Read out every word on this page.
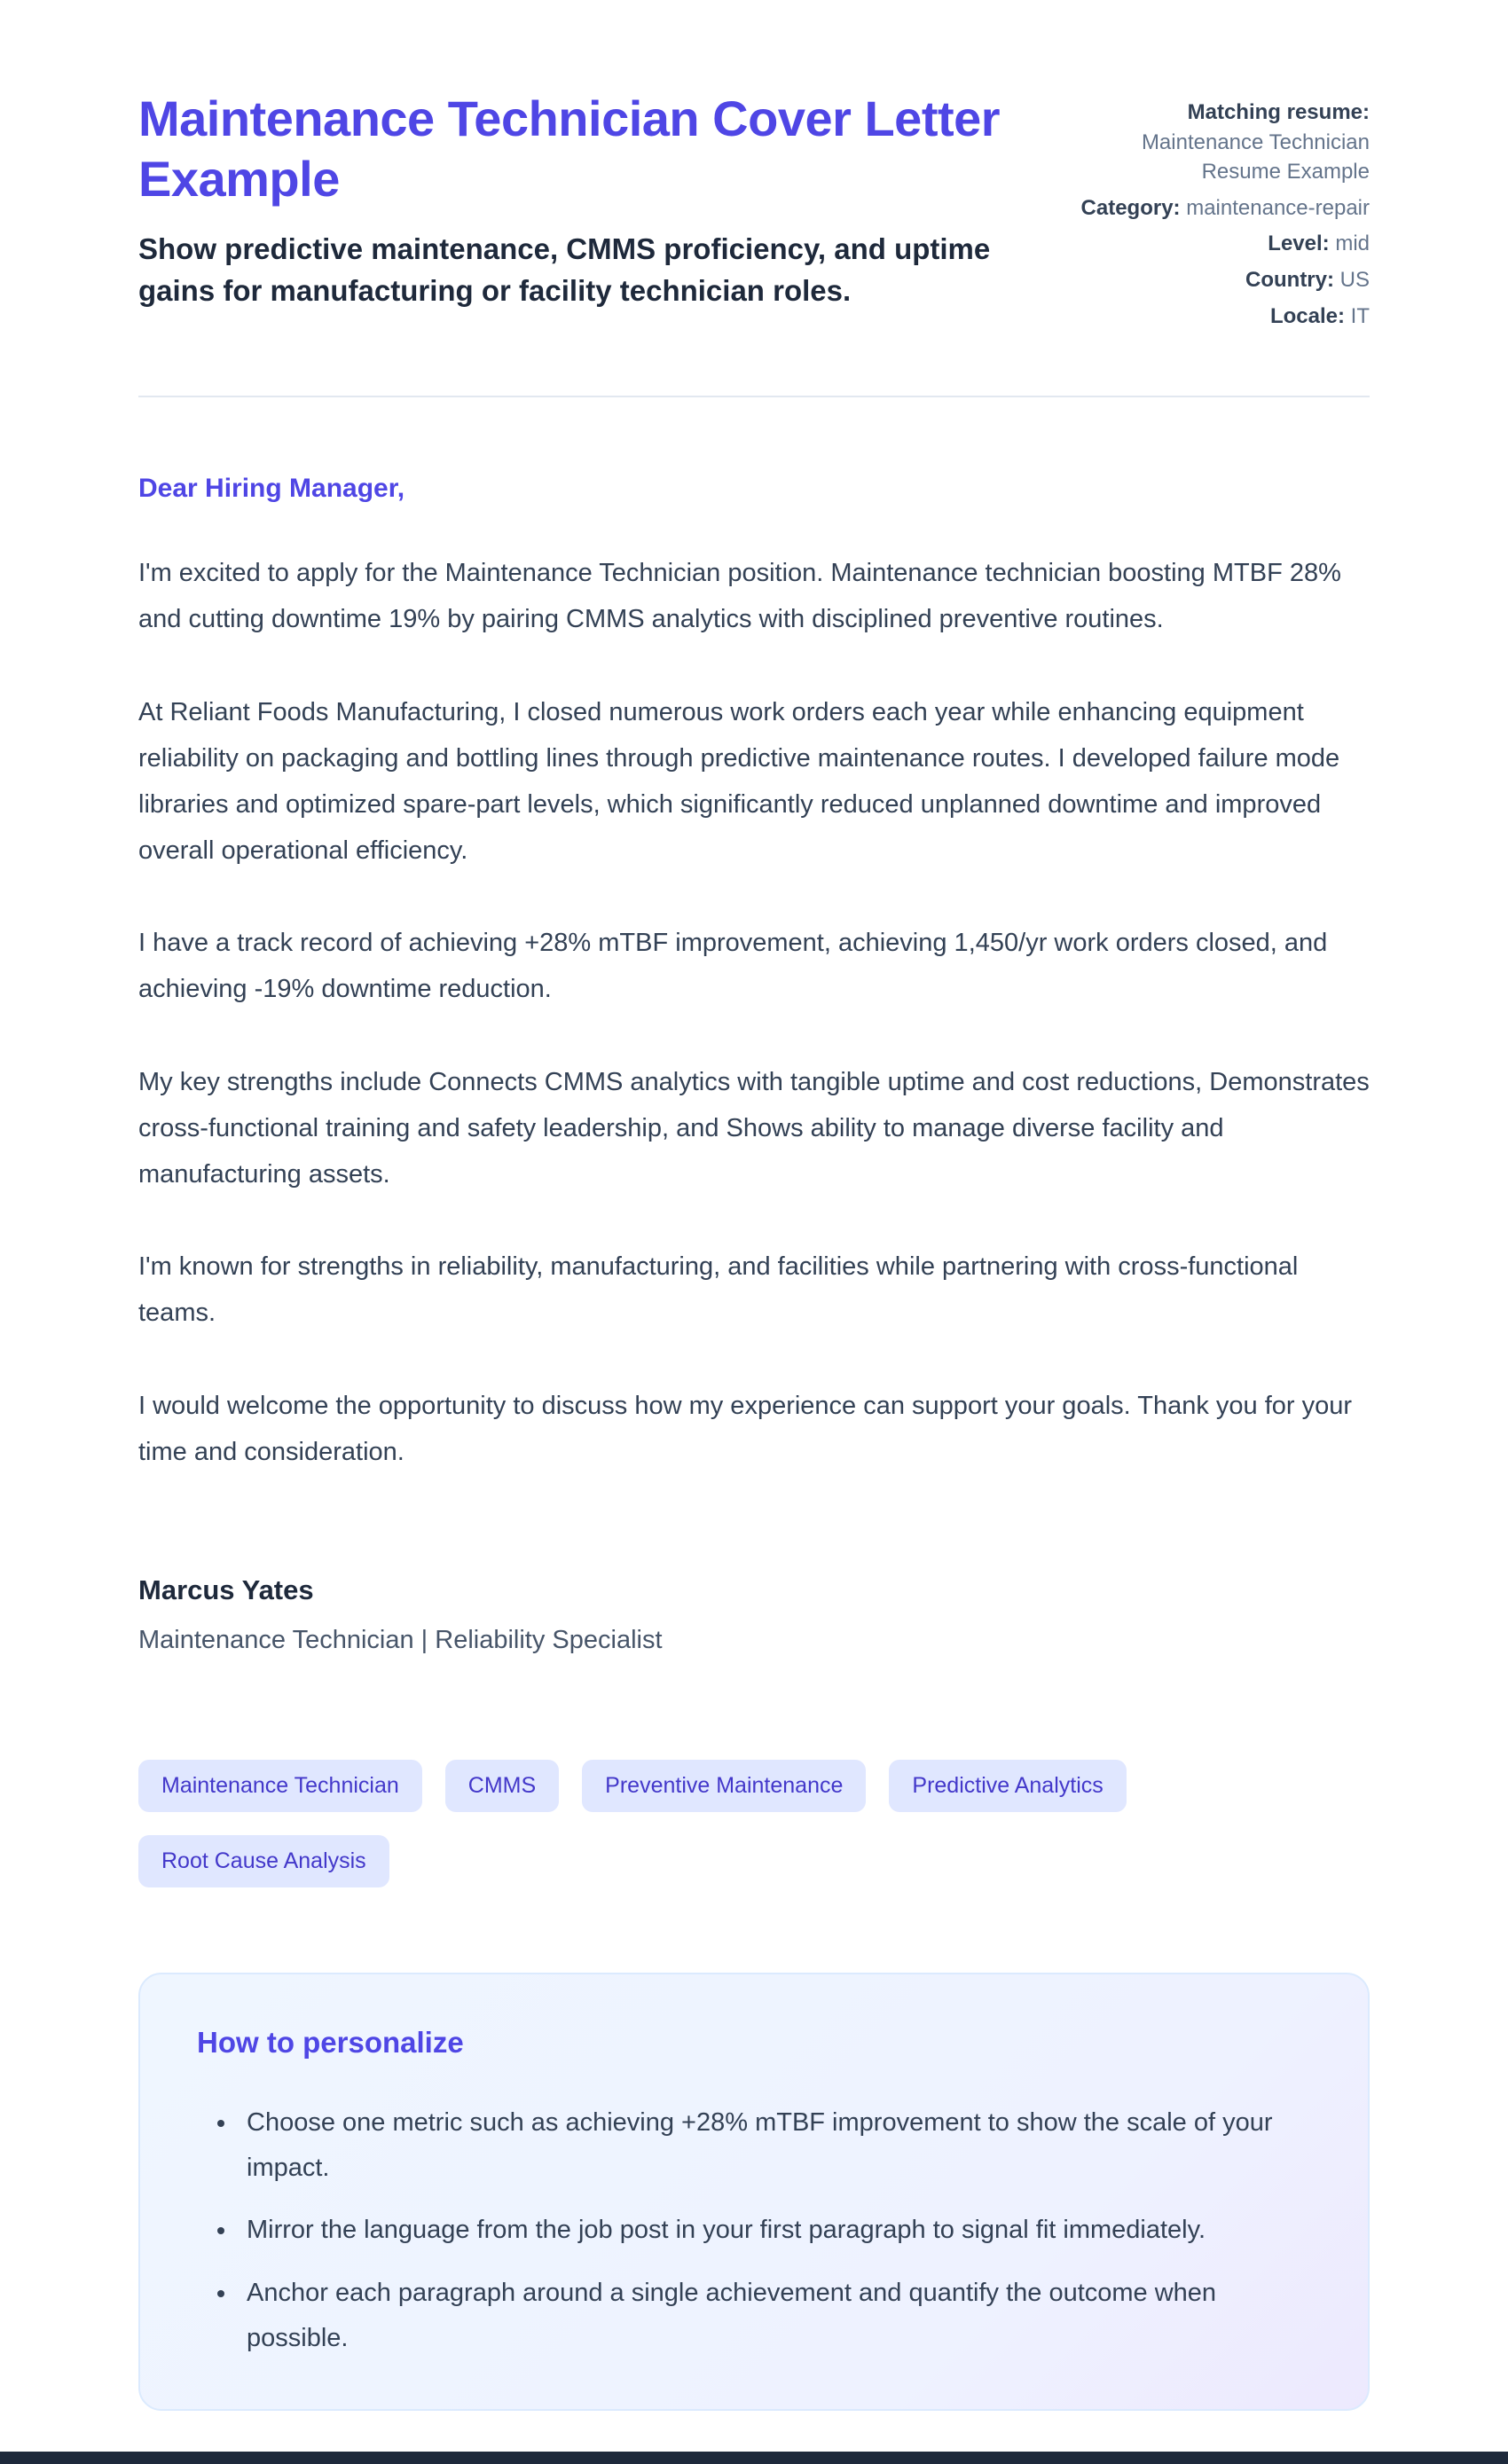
Maintenance Technician Cover Letter Example

Show predictive maintenance, CMMS proficiency, and uptime gains for manufacturing or facility technician roles.

Matching resume: Maintenance Technician Resume Example
Category: maintenance-repair
Level: mid
Country: US
Locale: IT

Dear Hiring Manager,

I'm excited to apply for the Maintenance Technician position. Maintenance technician boosting MTBF 28% and cutting downtime 19% by pairing CMMS analytics with disciplined preventive routines.

At Reliant Foods Manufacturing, I closed numerous work orders each year while enhancing equipment reliability on packaging and bottling lines through predictive maintenance routes. I developed failure mode libraries and optimized spare-part levels, which significantly reduced unplanned downtime and improved overall operational efficiency.

I have a track record of achieving +28% mTBF improvement, achieving 1,450/yr work orders closed, and achieving -19% downtime reduction.

My key strengths include Connects CMMS analytics with tangible uptime and cost reductions, Demonstrates cross-functional training and safety leadership, and Shows ability to manage diverse facility and manufacturing assets.

I'm known for strengths in reliability, manufacturing, and facilities while partnering with cross-functional teams.

I would welcome the opportunity to discuss how my experience can support your goals. Thank you for your time and consideration.

Marcus Yates

Maintenance Technician | Reliability Specialist

Maintenance Technician	CMMS	Preventive Maintenance	Predictive Analytics
Root Cause Analysis
How to personalize
• Choose one metric such as achieving +28% mTBF improvement to show the scale of your impact.
• Mirror the language from the job post in your first paragraph to signal fit immediately.
• Anchor each paragraph around a single achievement and quantify the outcome when possible.
